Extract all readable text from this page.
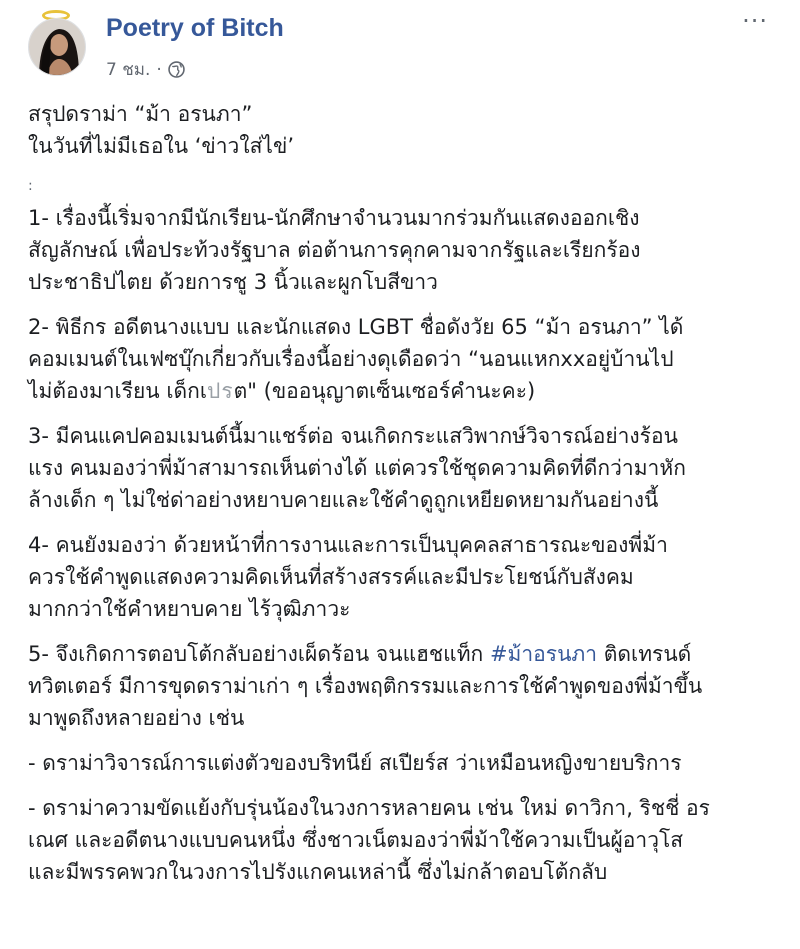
Poetry of Bitch
7 ชม. ·
···
สรุปดราม่า “ม้า อรนภา”
ในวันที่ไม่มีเธอใน ‘ข่าวใส่ไข่’
:
1- เรื่องนี้เริ่มจากมีนักเรียน-นักศึกษาจำนวนมากร่วมกันแสดงออกเชิง
สัญลักษณ์ เพื่อประท้วงรัฐบาล ต่อต้านการคุกคามจากรัฐและเรียกร้อง
ประชาธิปไตย ด้วยการชู 3 นิ้วและผูกโบสีขาว
2- พิธีกร อดีตนางแบบ และนักแสดง LGBT ชื่อดังวัย 65 “ม้า อรนภา” ได้
คอมเมนต์ในเฟซบุ๊กเกี่ยวกับเรื่องนี้อย่างดุเดือดว่า “นอนแหกxxอยู่บ้านไป
ไม่ต้องมาเรียน เด็กเปรต" (ขออนุญาตเซ็นเซอร์คำนะคะ)
3- มีคนแคปคอมเมนต์นี้มาแชร์ต่อ จนเกิดกระแสวิพากษ์วิจารณ์อย่างร้อน
แรง คนมองว่าพี่ม้าสามารถเห็นต่างได้ แต่ควรใช้ชุดความคิดที่ดีกว่ามาหัก
ล้างเด็ก ๆ ไม่ใช่ด่าอย่างหยาบคายและใช้คำดูถูกเหยียดหยามกันอย่างนี้
4- คนยังมองว่า ด้วยหน้าที่การงานและการเป็นบุคคลสาธารณะของพี่ม้า
ควรใช้คำพูดแสดงความคิดเห็นที่สร้างสรรค์และมีประโยชน์กับสังคม
มากกว่าใช้คำหยาบคาย ไร้วุฒิภาวะ
5- จึงเกิดการตอบโต้กลับอย่างเผ็ดร้อน จนแฮชแท็ก #ม้าอรนภา ติดเทรนด์
ทวิตเตอร์ มีการขุดดราม่าเก่า ๆ เรื่องพฤติกรรมและการใช้คำพูดของพี่ม้าขึ้น
มาพูดถึงหลายอย่าง เช่น
- ดราม่าวิจารณ์การแต่งตัวของบริทนีย์ สเปียร์ส ว่าเหมือนหญิงขายบริการ
- ดราม่าความขัดแย้งกับรุ่นน้องในวงการหลายคน เช่น ใหม่ ดาวิกา, ริชชี่ อร
เณศ และอดีตนางแบบคนหนึ่ง ซึ่งชาวเน็ตมองว่าพี่ม้าใช้ความเป็นผู้อาวุโส
และมีพรรคพวกในวงการไปรังแกคนเหล่านี้ ซึ่งไม่กล้าตอบโต้กลับ
